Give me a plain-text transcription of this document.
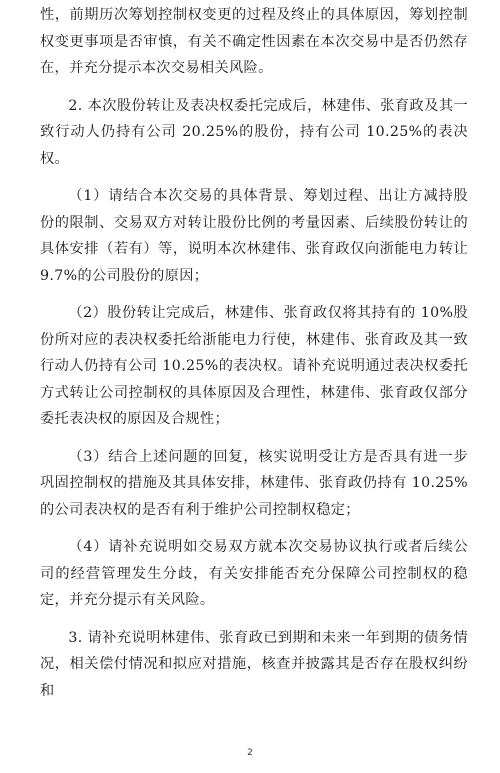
性，前期历次筹划控制权变更的过程及终止的具体原因，筹划控制权变更事项是否审慎，有关不确定性因素在本次交易中是否仍然存在，并充分提示本次交易相关风险。

2. 本次股份转让及表决权委托完成后，林建伟、张育政及其一致行动人仍持有公司 20.25%的股份，持有公司 10.25%的表决权。

（1）请结合本次交易的具体背景、筹划过程、出让方减持股份的限制、交易双方对转让股份比例的考量因素、后续股份转让的具体安排（若有）等，说明本次林建伟、张育政仅向浙能电力转让 9.7%的公司股份的原因；

（2）股份转让完成后，林建伟、张育政仅将其持有的 10%股份所对应的表决权委托给浙能电力行使，林建伟、张育政及其一致行动人仍持有公司 10.25%的表决权。请补充说明通过表决权委托方式转让公司控制权的具体原因及合理性，林建伟、张育政仅部分委托表决权的原因及合规性；

（3）结合上述问题的回复，核实说明受让方是否具有进一步巩固控制权的措施及其具体安排，林建伟、张育政仍持有 10.25%的公司表决权的是否有利于维护公司控制权稳定；

（4）请补充说明如交易双方就本次交易协议执行或者后续公司的经营管理发生分歧，有关安排能否充分保障公司控制权的稳定，并充分提示有关风险。

3. 请补充说明林建伟、张育政已到期和未来一年到期的债务情况，相关偿付情况和拟应对措施，核查并披露其是否存在股权纠纷和

2
